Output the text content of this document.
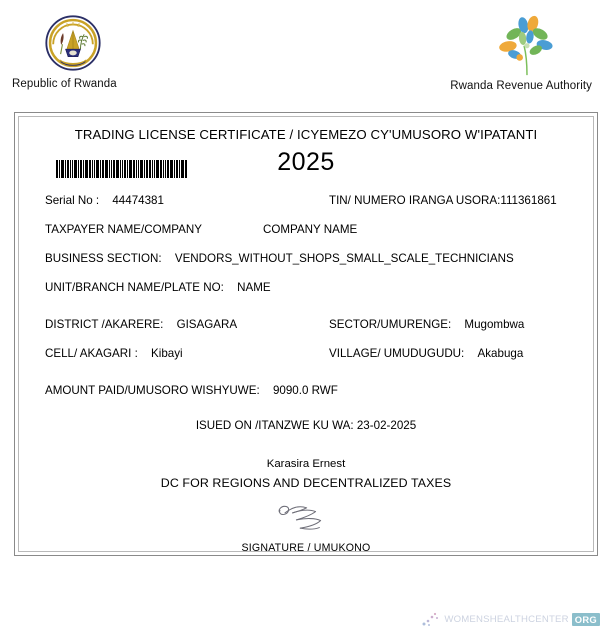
Republic of Rwanda	Rwanda Revenue Authority
TRADING LICENSE CERTIFICATE / ICYEMEZO CY'UMUSORO W'IPATANTI
2025
Serial No : 44474381	TIN/ NUMERO IRANGA USORA:111361861
TAXPAYER NAME/COMPANY	COMPANY NAME
BUSINESS SECTION: VENDORS_WITHOUT_SHOPS_SMALL_SCALE_TECHNICIANS
UNIT/BRANCH NAME/PLATE NO: NAME
DISTRICT /AKARERE: GISAGARA	SECTOR/UMURENGE: Mugombwa
CELL/ AKAGARI : Kibayi	VILLAGE/ UMUDUGUDU: Akabuga
AMOUNT PAID/UMUSORO WISHYUWE: 9090.0 RWF
ISUED ON /ITANZWE KU WA: 23-02-2025
Karasira Ernest
DC FOR REGIONS AND DECENTRALIZED TAXES
SIGNATURE / UMUKONO
WOMENSHEALTHCENTER ORG
